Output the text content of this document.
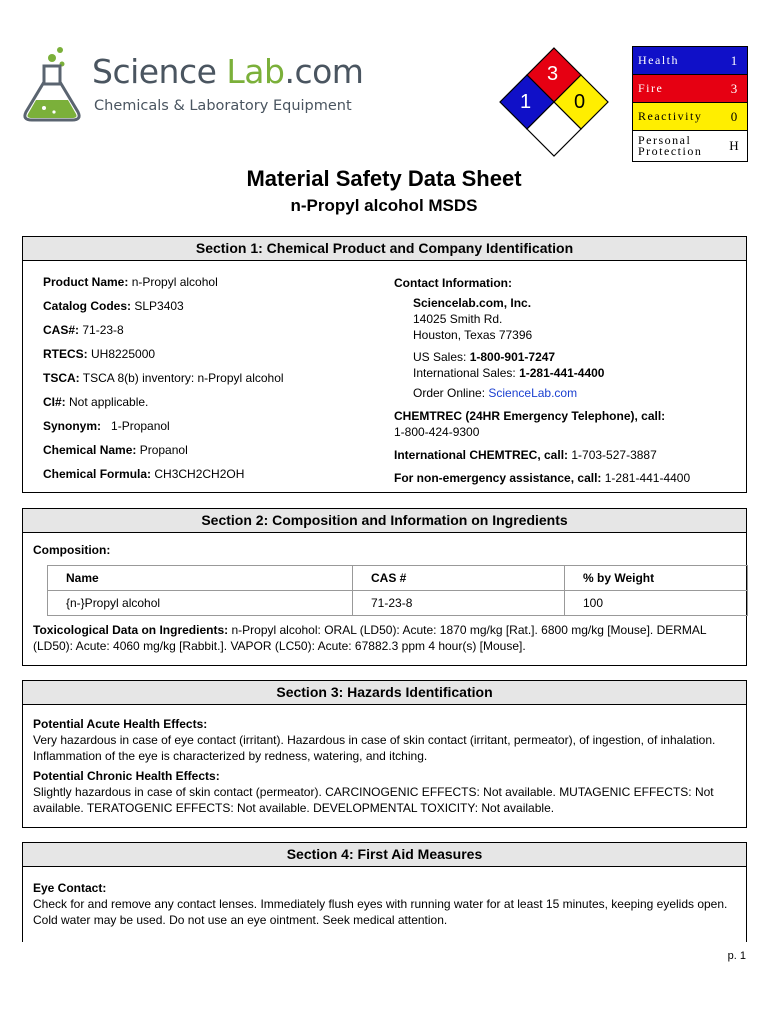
Science Lab.com
Chemicals & Laboratory Equipment
3
1 0
Health	1
Fire	3
Reactivity	0
Personal Protection	H
Material Safety Data Sheet
n-Propyl alcohol MSDS
Section 1: Chemical Product and Company Identification
Product Name: n-Propyl alcohol
Catalog Codes: SLP3403
CAS#: 71-23-8
RTECS: UH8225000
TSCA: TSCA 8(b) inventory: n-Propyl alcohol
CI#: Not applicable.
Synonym:   1-Propanol
Chemical Name: Propanol
Chemical Formula: CH3CH2CH2OH
Contact Information:
Sciencelab.com, Inc.
14025 Smith Rd.
Houston, Texas 77396
US Sales: 1-800-901-7247
International Sales: 1-281-441-4400
Order Online: ScienceLab.com
CHEMTREC (24HR Emergency Telephone), call:
1-800-424-9300
International CHEMTREC, call: 1-703-527-3887
For non-emergency assistance, call: 1-281-441-4400
Section 2: Composition and Information on Ingredients
Composition:
Name	CAS #	% by Weight
{n-}Propyl alcohol	71-23-8	100
Toxicological Data on Ingredients: n-Propyl alcohol: ORAL (LD50): Acute: 1870 mg/kg [Rat.]. 6800 mg/kg [Mouse]. DERMAL (LD50): Acute: 4060 mg/kg [Rabbit.]. VAPOR (LC50): Acute: 67882.3 ppm 4 hour(s) [Mouse].
Section 3: Hazards Identification
Potential Acute Health Effects:
Very hazardous in case of eye contact (irritant). Hazardous in case of skin contact (irritant, permeator), of ingestion, of inhalation. Inflammation of the eye is characterized by redness, watering, and itching.
Potential Chronic Health Effects:
Slightly hazardous in case of skin contact (permeator). CARCINOGENIC EFFECTS: Not available. MUTAGENIC EFFECTS: Not available. TERATOGENIC EFFECTS: Not available. DEVELOPMENTAL TOXICITY: Not available.
Section 4: First Aid Measures
Eye Contact:
Check for and remove any contact lenses. Immediately flush eyes with running water for at least 15 minutes, keeping eyelids open. Cold water may be used. Do not use an eye ointment. Seek medical attention.
p. 1
